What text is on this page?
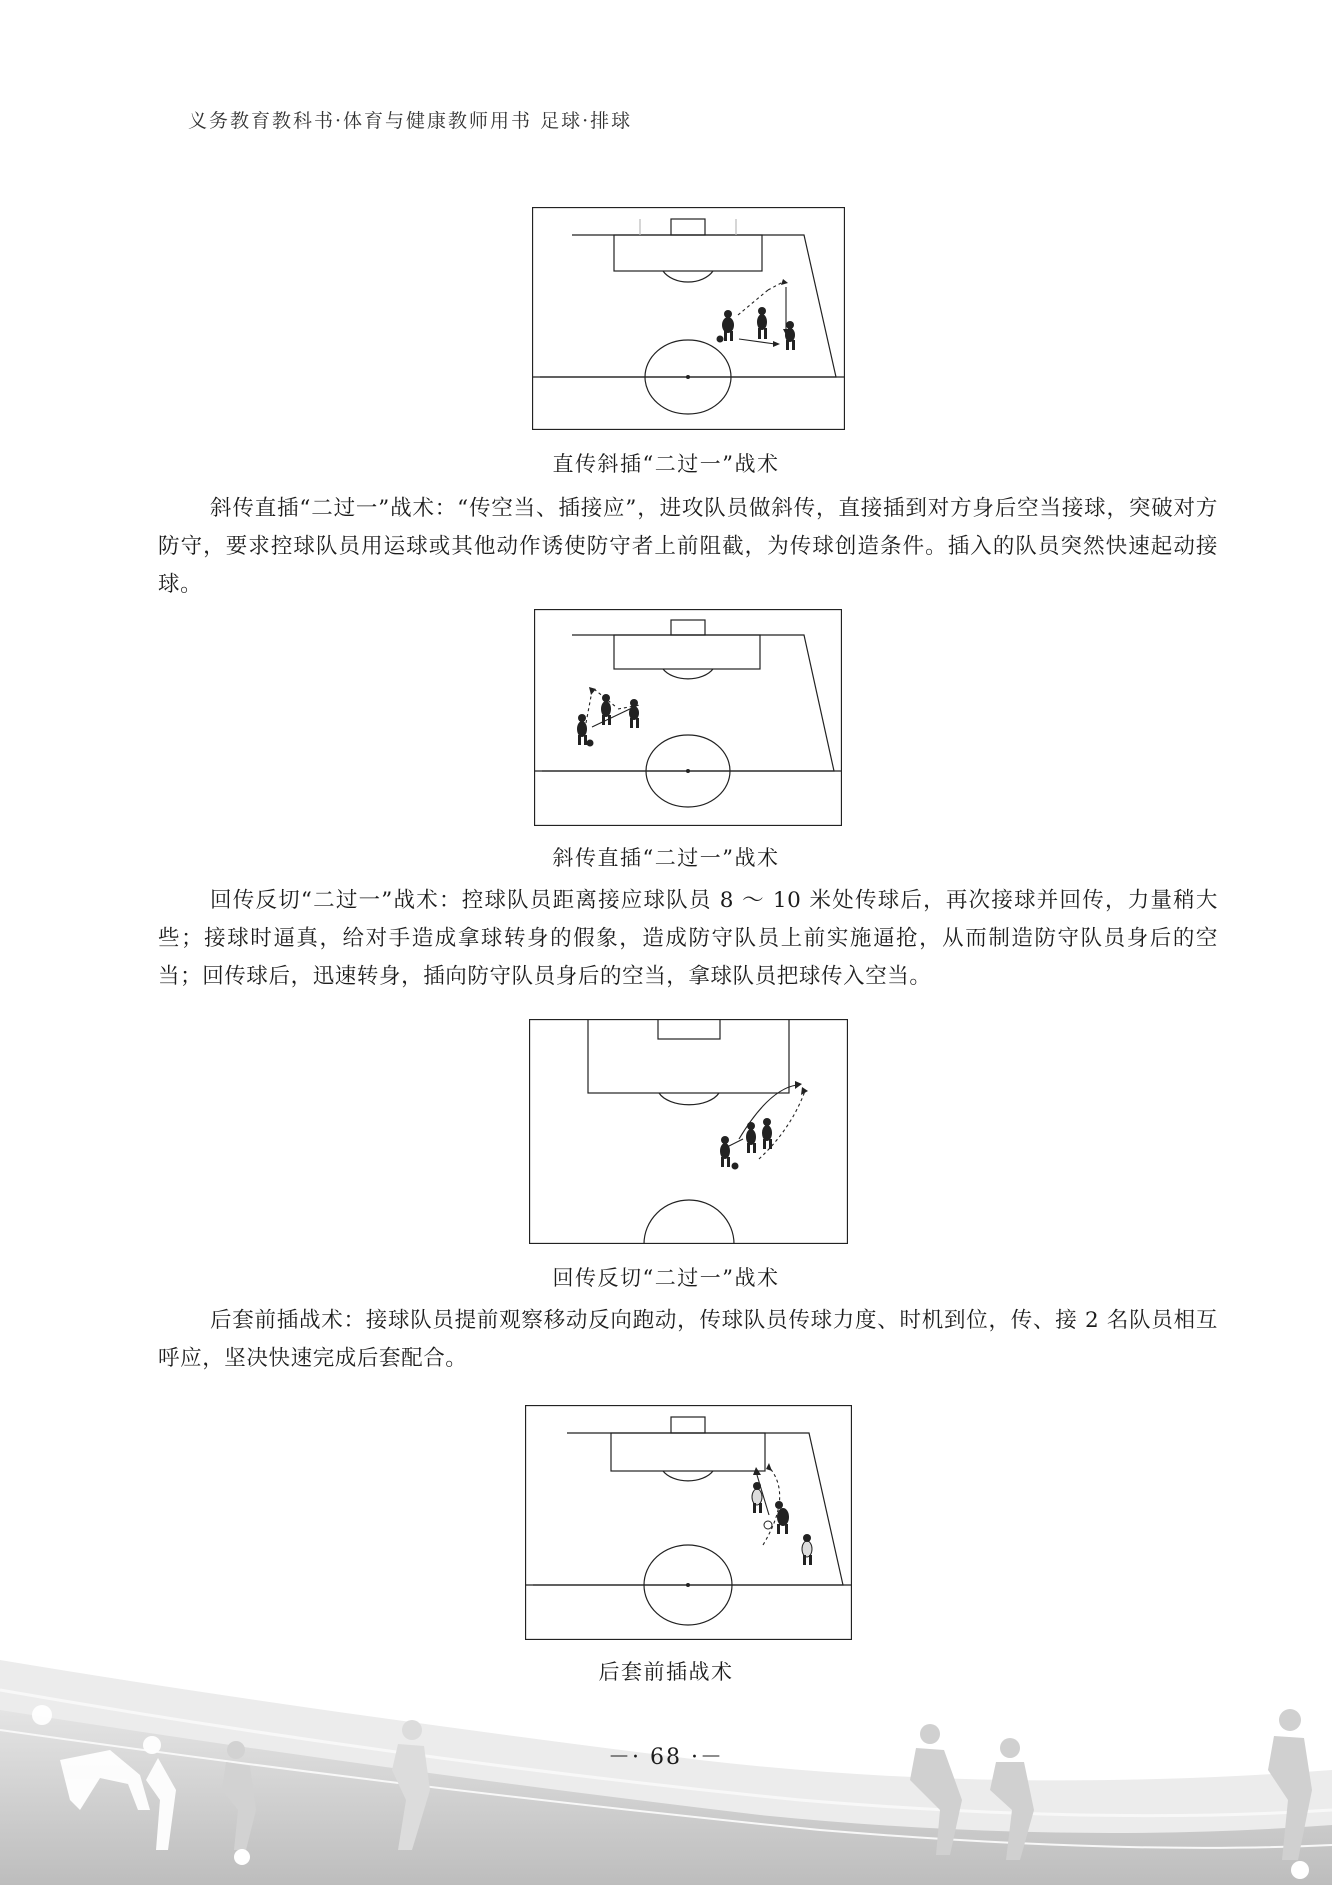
义务教育教科书·体育与健康教师用书 足球·排球
直传斜插“二过一”战术

斜传直插“二过一”战术：“传空当、插接应”，进攻队员做斜传，直接插到对方身后空当接球，突破对方防守，要求控球队员用运球或其他动作诱使防守者上前阻截，为传球创造条件。插入的队员突然快速起动接球。

斜传直插“二过一”战术

回传反切“二过一”战术：控球队员距离接应球队员 8 ～ 10 米处传球后，再次接球并回传，力量稍大些；接球时逼真，给对手造成拿球转身的假象，造成防守队员上前实施逼抢，从而制造防守队员身后的空当；回传球后，迅速转身，插向防守队员身后的空当，拿球队员把球传入空当。

回传反切“二过一”战术

后套前插战术：接球队员提前观察移动反向跑动，传球队员传球力度、时机到位，传、接 2 名队员相互呼应，坚决快速完成后套配合。

后套前插战术
－· 68 ·－
